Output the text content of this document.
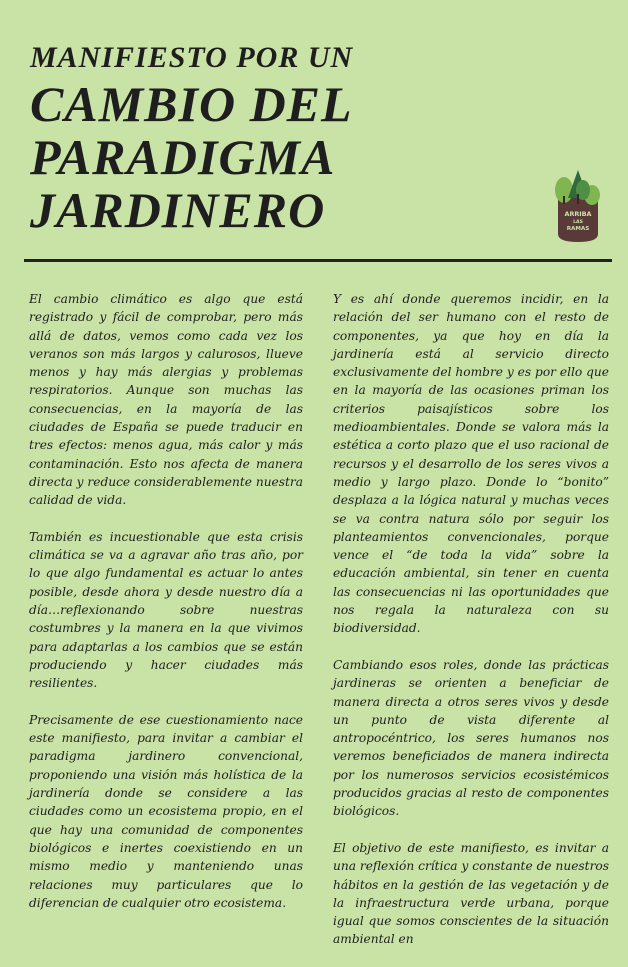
MANIFIESTO POR UN
CAMBIO DEL
PARADIGMA
JARDINERO	ARRIBA
LAS
RAMAS

El cambio climático es algo que está registrado y fácil de comprobar, pero más allá de datos, vemos como cada vez los veranos son más largos y calurosos, llueve menos y hay más alergias y problemas respiratorios. Aunque son muchas las consecuencias, en la mayoría de las ciudades de España se puede traducir en tres efectos: menos agua, más calor y más contaminación. Esto nos afecta de manera directa y reduce considerablemente nuestra calidad de vida.

También es incuestionable que esta crisis climática se va a agravar año tras año, por lo que algo fundamental es actuar lo antes posible, desde ahora y desde nuestro día a día…reflexionando sobre nuestras costumbres y la manera en la que vivimos para adaptarlas a los cambios que se están produciendo y hacer ciudades más resilientes.

Precisamente de ese cuestionamiento nace este manifiesto, para invitar a cambiar el paradigma jardinero convencional, proponiendo una visión más holística de la jardinería donde se considere a las ciudades como un ecosistema propio, en el que hay una comunidad de componentes biológicos e inertes coexistiendo en un mismo medio y manteniendo unas relaciones muy particulares que lo diferencian de cualquier otro ecosistema.

Y es ahí donde queremos incidir, en la relación del ser humano con el resto de componentes, ya que hoy en día la jardinería está al servicio directo exclusivamente del hombre y es por ello que en la mayoría de las ocasiones priman los criterios paisajísticos sobre los medioambientales. Donde se valora más la estética a corto plazo que el uso racional de recursos y el desarrollo de los seres vivos a medio y largo plazo. Donde lo “bonito” desplaza a la lógica natural y muchas veces se va contra natura sólo por seguir los planteamientos convencionales, porque vence el “de toda la vida” sobre la educación ambiental, sin tener en cuenta las consecuencias ni las oportunidades que nos regala la naturaleza con su biodiversidad.

Cambiando esos roles, donde las prácticas jardineras se orienten a beneficiar de manera directa a otros seres vivos y desde un punto de vista diferente al antropocéntrico, los seres humanos nos veremos beneficiados de manera indirecta por los numerosos servicios ecosistémicos producidos gracias al resto de componentes biológicos.

El objetivo de este manifiesto, es invitar a una reflexión crítica y constante de nuestros hábitos en la gestión de las vegetación y de la infraestructura verde urbana, porque igual que somos conscientes de la situación ambiental en
